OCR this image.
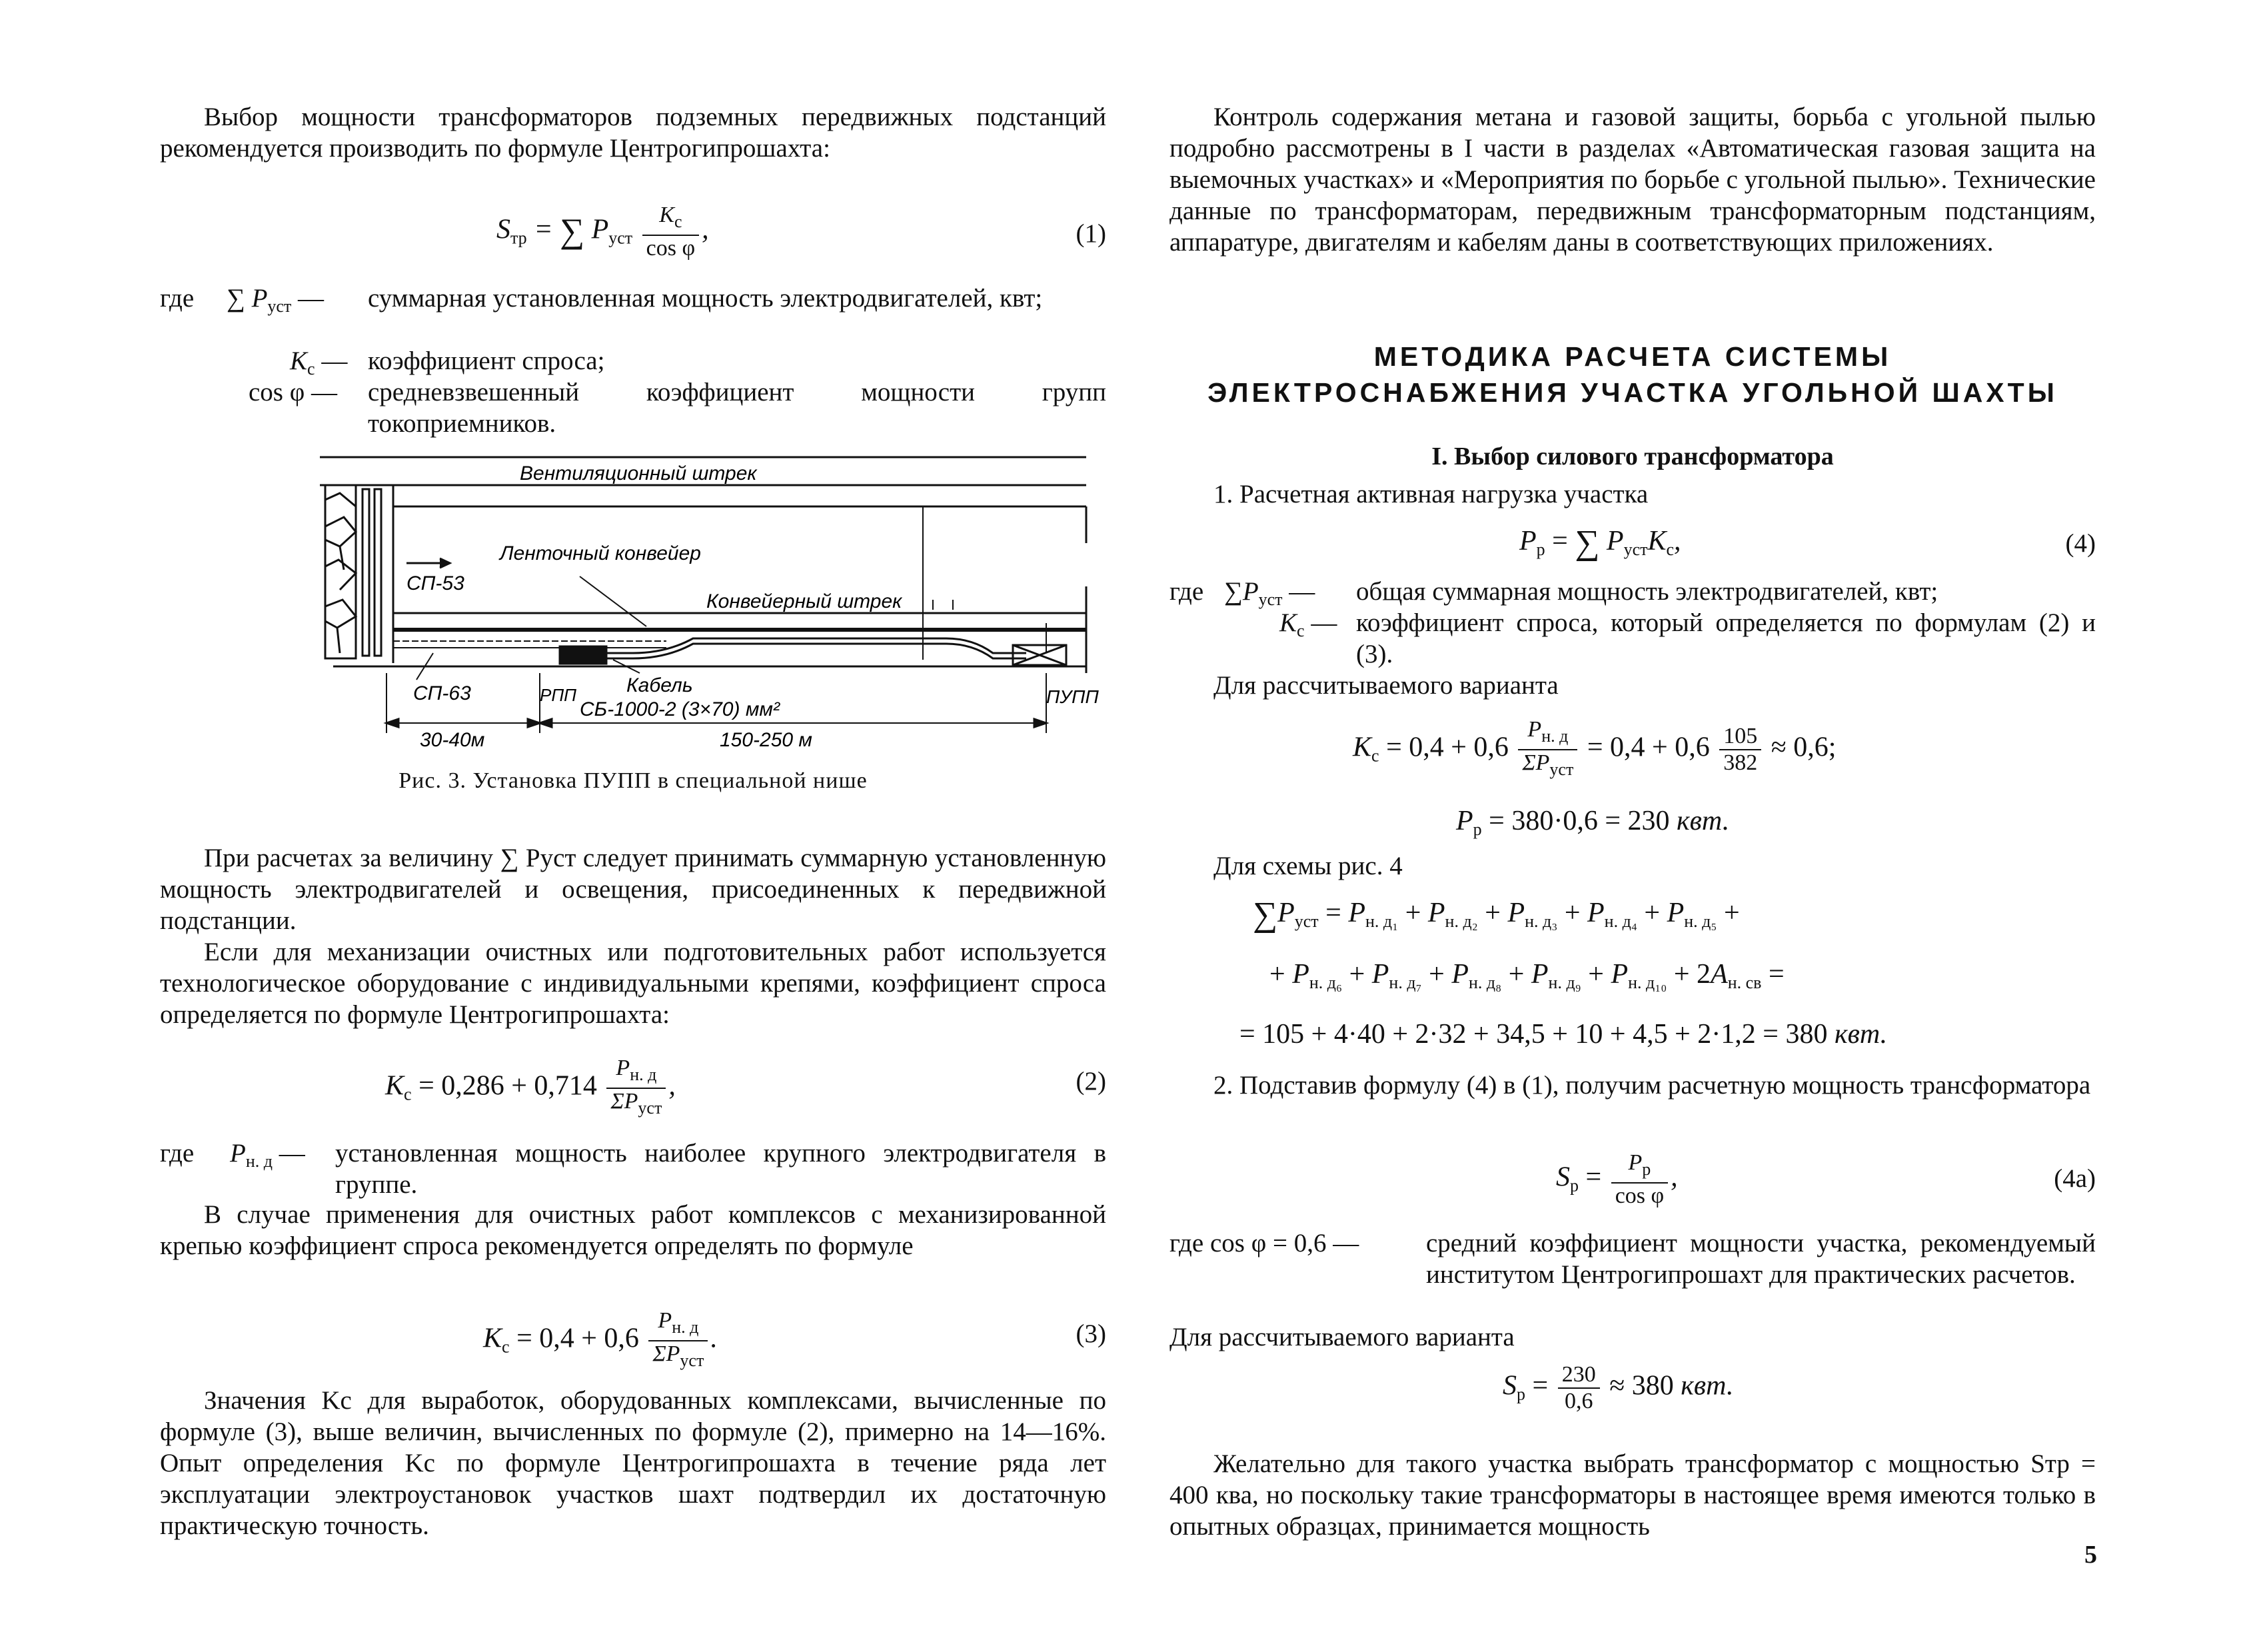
Выбор мощности трансформаторов подземных передвижных подстанций рекомендуется производить по формуле Центрогипрошахта:
$S_{тр}$ = ∑ $P_{уст} \frac{K_с}{\text{cos φ}}$ ,	(1)
где ∑ $P_{уст}$ — суммарная установленная мощность электродвигателей, квт;
$K_с$ — коэффициент спроса;
cos φ — средневзвешенный коэффициент мощности групп токоприемников.
Вентиляционный штрек
Ленточный конвейер
СП-53
Конвейерный штрек
СП-63	РПП Кабель
СБ-1000-2 (3×70) мм²
ПУПП
30-40м	150-250 м
Рис. 3. Установка ПУПП в специальной нише
При расчетах за величину ∑ Pуст следует принимать суммарную установленную мощность электродвигателей и освещения, присоединенных к передвижной подстанции.
Если для механизации очистных или подготовительных работ используется технологическое оборудование с индивидуальными крепями, коэффициент спроса определяется по формуле Центрогипрошахта:
$K_с = 0,286 + 0,714 \frac{P_{н. д}}{\Sigma P_{уст}}$ ,	(2)
где $P_{н. д}$ — установленная мощность наиболее крупного электродвигателя в группе.
В случае применения для очистных работ комплексов с механизированной крепью коэффициент спроса рекомендуется определять по формуле
$K_с = 0,4 + 0,6 \frac{P_{н. д}}{\Sigma P_{уст}}$ .	(3)
Значения Kс для выработок, оборудованных комплексами, вычисленные по формуле (3), выше величин, вычисленных по формуле (2), примерно на 14—16%. Опыт определения Kс по формуле Центрогипрошахта в течение ряда лет эксплуатации электроустановок участков шахт подтвердил их достаточную практическую точность.
Контроль содержания метана и газовой защиты, борьба с угольной пылью подробно рассмотрены в I части в разделах «Автоматическая газовая защита на выемочных участках» и «Мероприятия по борьбе с угольной пылью». Технические данные по трансформаторам, передвижным трансформаторным подстанциям, аппаратуре, двигателям и кабелям даны в соответствующих приложениях.
МЕТОДИКА РАСЧЕТА СИСТЕМЫ
ЭЛЕКТРОСНАБЖЕНИЯ УЧАСТКА УГОЛЬНОЙ ШАХТЫ
I. Выбор силового трансформатора
1. Расчетная активная нагрузка участка
$P_р$ = ∑ $P_{уст}K_с$,	(4)
где $\sum P_{уст}$ — общая суммарная мощность электродвигателей, квт;
$K_с$ — коэффициент спроса, который определяется по формулам (2) и (3).
Для рассчитываемого варианта
$K_с = 0,4 + 0,6 \frac{P_{н. д}}{\Sigma P_{уст}} = 0,4 + 0,6 \frac{105}{382} \approx 0,6$;
$P_р = 380\cdot 0,6 = 230$ квт.
Для схемы рис. 4
$\sum P_{уст} = P_{н. д_1} + P_{н. д_2} + P_{н. д_3} + P_{н. д_4} + P_{н. д_5}$ +
+ $P_{н. д_6} + P_{н. д_7} + P_{н. д_8} + P_{н. д_9} + P_{н. д_{10}} + 2A_{н. св}$ =
= 105 + 4·40 + 2·32 + 34,5 + 10 + 4,5 + 2·1,2 = 380 квт.
2. Подставив формулу (4) в (1), получим расчетную мощность трансформатора
$S_р = \frac{P_р}{\text{cos φ}}$ ,	(4а)
где cos φ = 0,6 —	средний коэффициент мощности участка, рекомендуемый институтом Центрогипрошахт для практических расчетов.
Для рассчитываемого варианта
$S_р = \frac{230}{0,6} \approx 380$ квт.
Желательно для такого участка выбрать трансформатор с мощностью Sтр = 400 ква, но поскольку такие трансформаторы в настоящее время имеются только в опытных образцах, принимается мощность
5
